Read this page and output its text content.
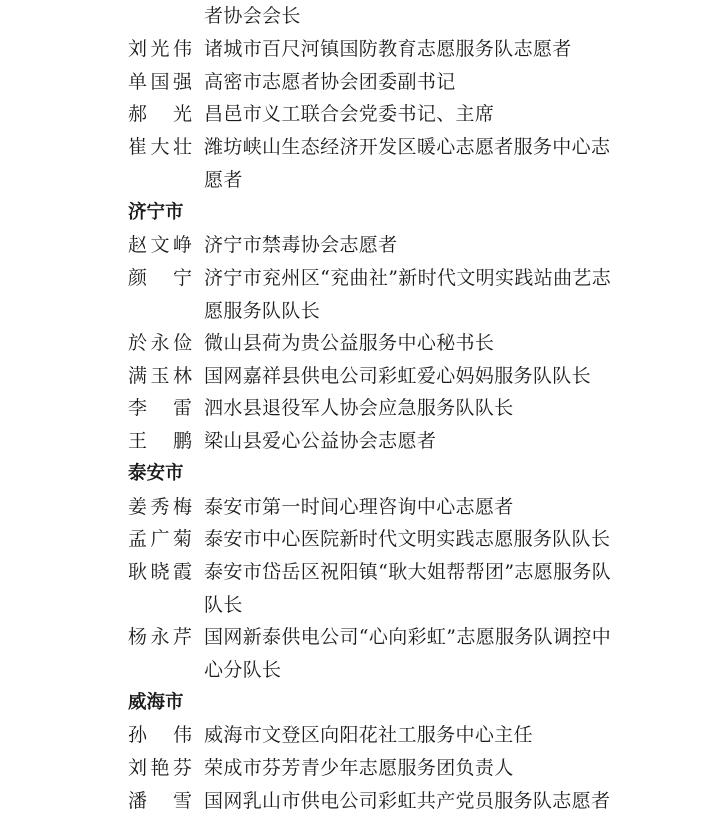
者协会会长
刘光伟 诸城市百尺河镇国防教育志愿服务队志愿者
单国强 高密市志愿者协会团委副书记
郝　光 昌邑市义工联合会党委书记、主席
崔大壮 潍坊峡山生态经济开发区暖心志愿者服务中心志愿者
济宁市
赵文峥 济宁市禁毒协会志愿者
颜　宁 济宁市兖州区“兖曲社”新时代文明实践站曲艺志愿服务队队长
於永俭 微山县荷为贵公益服务中心秘书长
满玉林 国网嘉祥县供电公司彩虹爱心妈妈服务队队长
李　雷 泗水县退役军人协会应急服务队队长
王　鹏 梁山县爱心公益协会志愿者
泰安市
姜秀梅 泰安市第一时间心理咨询中心志愿者
孟广菊 泰安市中心医院新时代文明实践志愿服务队队长
耿晓霞 泰安市岱岳区祝阳镇“耿大姐帮帮团”志愿服务队队长
杨永芹 国网新泰供电公司“心向彩虹”志愿服务队调控中心分队长
威海市
孙　伟 威海市文登区向阳花社工服务中心主任
刘艳芬 荣成市芬芳青少年志愿服务团负责人
潘　雪 国网乳山市供电公司彩虹共产党员服务队志愿者
